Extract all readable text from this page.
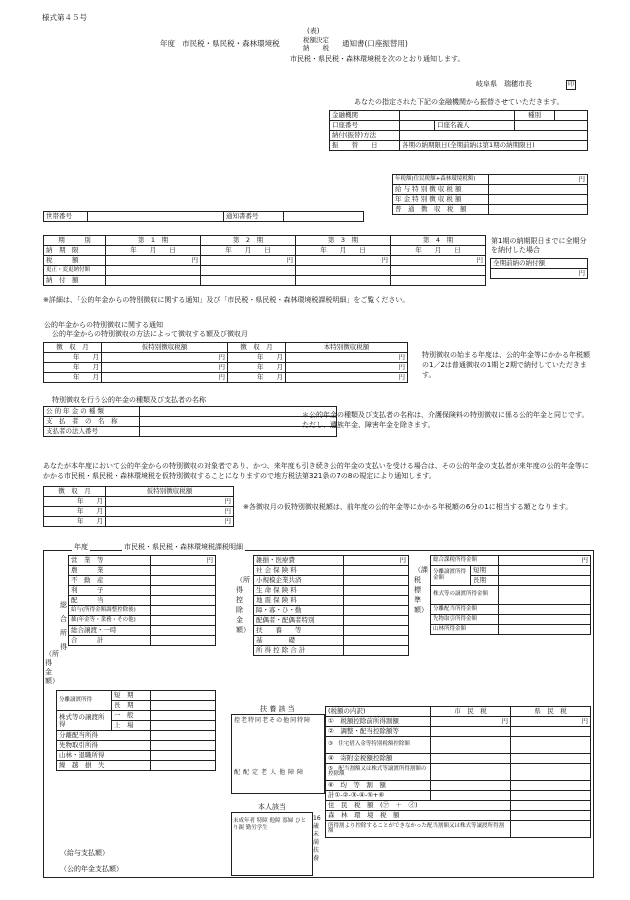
様式第４５号
(表)
年度 市民税・県民税・森林環境税	税額決定
納　　税 通知書(口座振替用)
市民税・県民税・森林環境税を次のとおり通知します。
岐阜県　瑞穂市長	印
あなたの指定された下記の金融機関から振替させていただきます。
金融機関			種別	
口座番号		口座名義人		
納付(振替)方法				
振　　替　　日	各期の納期限日(全期前納は第1期の納期限日)			
年税額(住民税額+森林環境税額)	円
給 与 特 別 徴 収 税 額	
年 金 特 別 徴 収 税 額	
普　通　徴　収　税　額	
世帯番号		通知書番号	
期　　　別	第　1　期	第　2　期	第　3　期	第　4　期
納　期　限	年　　月　　日	年　　月　　日	年　　月　　日	年　　月　　日
税　　　額	円	円	円	円
更正・変更納付額				
納　付　額				
第1期の納期限日までに全期分を納付した場合
全期前納の納付額
円
※詳細は、「公的年金からの特別徴収に関する通知」及び「市民税・県民税・森林環境税課税明細」をご覧ください。
公的年金からの特別徴収に関する通知
公的年金からの特別徴収の方法によって徴収する額及び徴収月
徴　収　月	仮特別徴収税額	徴　収　月	本特別徴収税額
年　　月	円	年　　月	円
年　　月	円	年　　月	円
年　　月	円	年　　月	円
特別徴収の始まる年度は、公的年金等にかかる年税額の1／2は普通徴収の1期と2期で納付していただきます。
特別徴収を行う公的年金の種類及び支払者の名称
公 的 年 金 の 種 類	
支　払　者　の　名　称	
支払者の法人番号	
＊公的年金の種類及び支払者の名称は、介護保険料の特別徴収に係る公的年金と同じです。ただし、遺族年金、障害年金を除きます。
あなたが本年度において公的年金からの特別徴収の対象者であり、かつ、来年度も引き続き公的年金の支払いを受ける場合は、その公的年金の支払者が来年度の公的年金等にかかる市民税・県民税・森林環境税を仮特別徴収することになりますので地方税法第321条の7の8の規定により通知します。
徴　収　月	仮特別徴収税額
年　　月	円
年　　月	円
年　　月	円
※各徴収月の仮特別徴収税額は、前年度の公的年金等にかかる年税額の6分の1に相当する額となります。
年度	市民税・県民税・森林環境税課税明細
（所得金額）
総合所得
営　業　等	円
農　　　業	
不　動　産	
利　　　子	
配　　　当	
給与(所得金額調整控除後)	
雑(年金等・業務・その他)	
総合譲渡・一時	
合　　　計	
分離譲渡所得	短　期	
	長　期	
株式等の譲渡所得	一　般	
	上　場	
分離配当所得		
先物取引所得		
山林・退職所得		
繰　越　損　失		
（給与支払額）
（公的年金支払額）
（所得控除金額）
雑損・医療費	円
社 会 保 険 料	
小規模企業共済	
生 命 保 険 料	
地 震 保 険 料	
障・寡・ひ・勤	
配偶者・配偶者特別	
扶　　養　　等	
基　　　　礎	
所 得 控 除 合 計	
（課税標準額）
総合課税所得金額		円
分離譲渡所得金額	短期	
	長期	
株式等の譲渡所得金額		
分離配当所得金額		
先物取引所得金額		
山林所得金額		
扶 養 該 当
控老特同老その他同特障
配配定老人他障障
本人該当
未成年者 特障 他障 寡婦 ひとり親 勤労学生
16歳未満扶養
(税額の内訳)	市　民　税	県　民　税
①　税額控除前所得割額	円	円
②　調整・配当控除額等		
③　住宅借入金等特別税額控除額		
④　寄附金税額控除額		
⑤　配当割額又は株式等譲渡所得割額の控除額		
⑥　均　等　割　額		
計①-②-③-④-⑤+⑥		
住　民　税　額　(㋐　＋　㋑)		
森　林　環　境　税　額		
所得割より控除することができなかった配当割額又は株式等譲渡所得割額		
